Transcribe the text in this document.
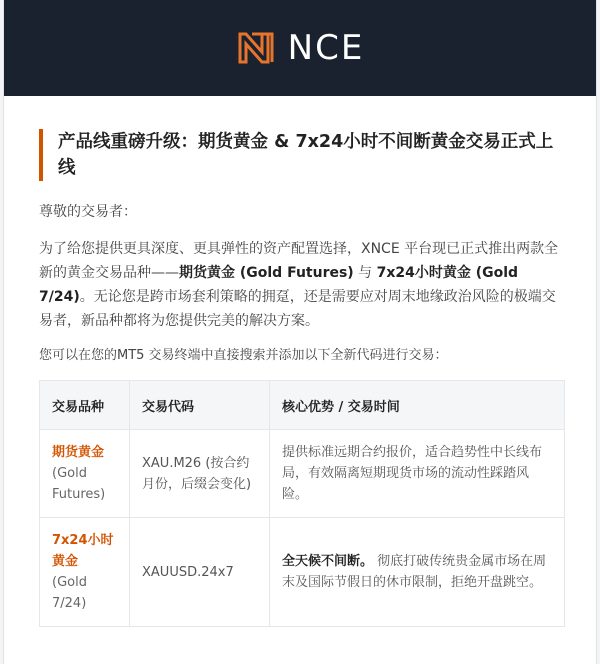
NCE
产品线重磅升级：期货黄金 & 7x24小时不间断黄金交易正式上线
尊敬的交易者：
为了给您提供更具深度、更具弹性的资产配置选择，XNCE 平台现已正式推出两款全新的黄金交易品种——期货黄金 (Gold Futures) 与 7x24小时黄金 (Gold 7/24)。无论您是跨市场套利策略的拥趸，还是需要应对周末地缘政治风险的极端交易者，新品种都将为您提供完美的解决方案。
您可以在您的MT5 交易终端中直接搜索并添加以下全新代码进行交易：
交易品种	交易代码	核心优势 / 交易时间

期货黄金
(Gold Futures)	XAU.M26 (按合约月份，后缀会变化)	提供标准远期合约报价，适合趋势性中长线布局，有效隔离短期现货市场的流动性踩踏风险。

7x24小时黄金
(Gold 7/24)	XAUUSD.24x7	全天候不间断。 彻底打破传统贵金属市场在周末及国际节假日的休市限制，拒绝开盘跳空。
